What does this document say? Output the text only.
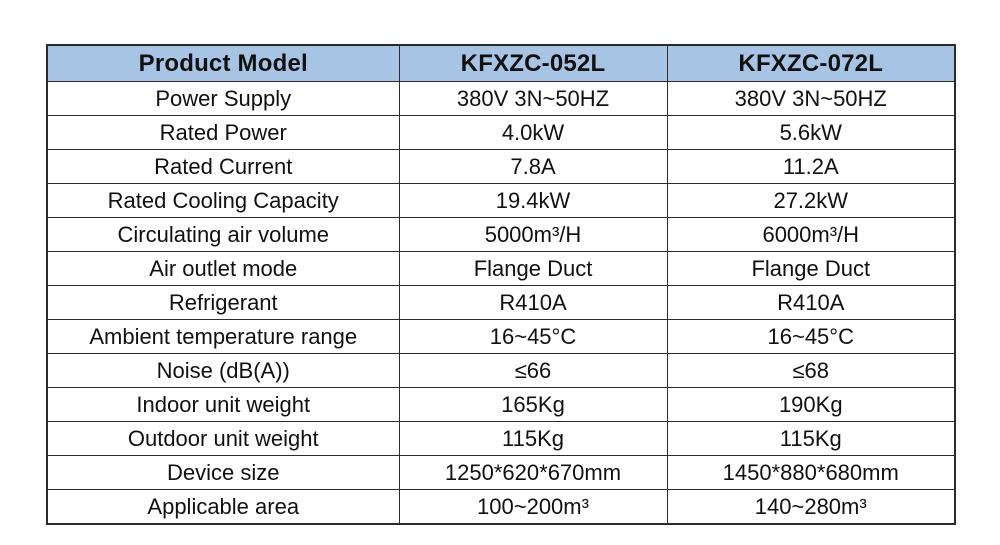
Product Model	KFXZC-052L	KFXZC-072L
Power Supply	380V 3N~50HZ	380V 3N~50HZ
Rated Power	4.0kW	5.6kW
Rated Current	7.8A	11.2A
Rated Cooling Capacity	19.4kW	27.2kW
Circulating air volume	5000m³/H	6000m³/H
Air outlet mode	Flange Duct	Flange Duct
Refrigerant	R410A	R410A
Ambient temperature range	16~45°C	16~45°C
Noise (dB(A))	≤66	≤68
Indoor unit weight	165Kg	190Kg
Outdoor unit weight	115Kg	115Kg
Device size	1250*620*670mm	1450*880*680mm
Applicable area	100~200m³	140~280m³
